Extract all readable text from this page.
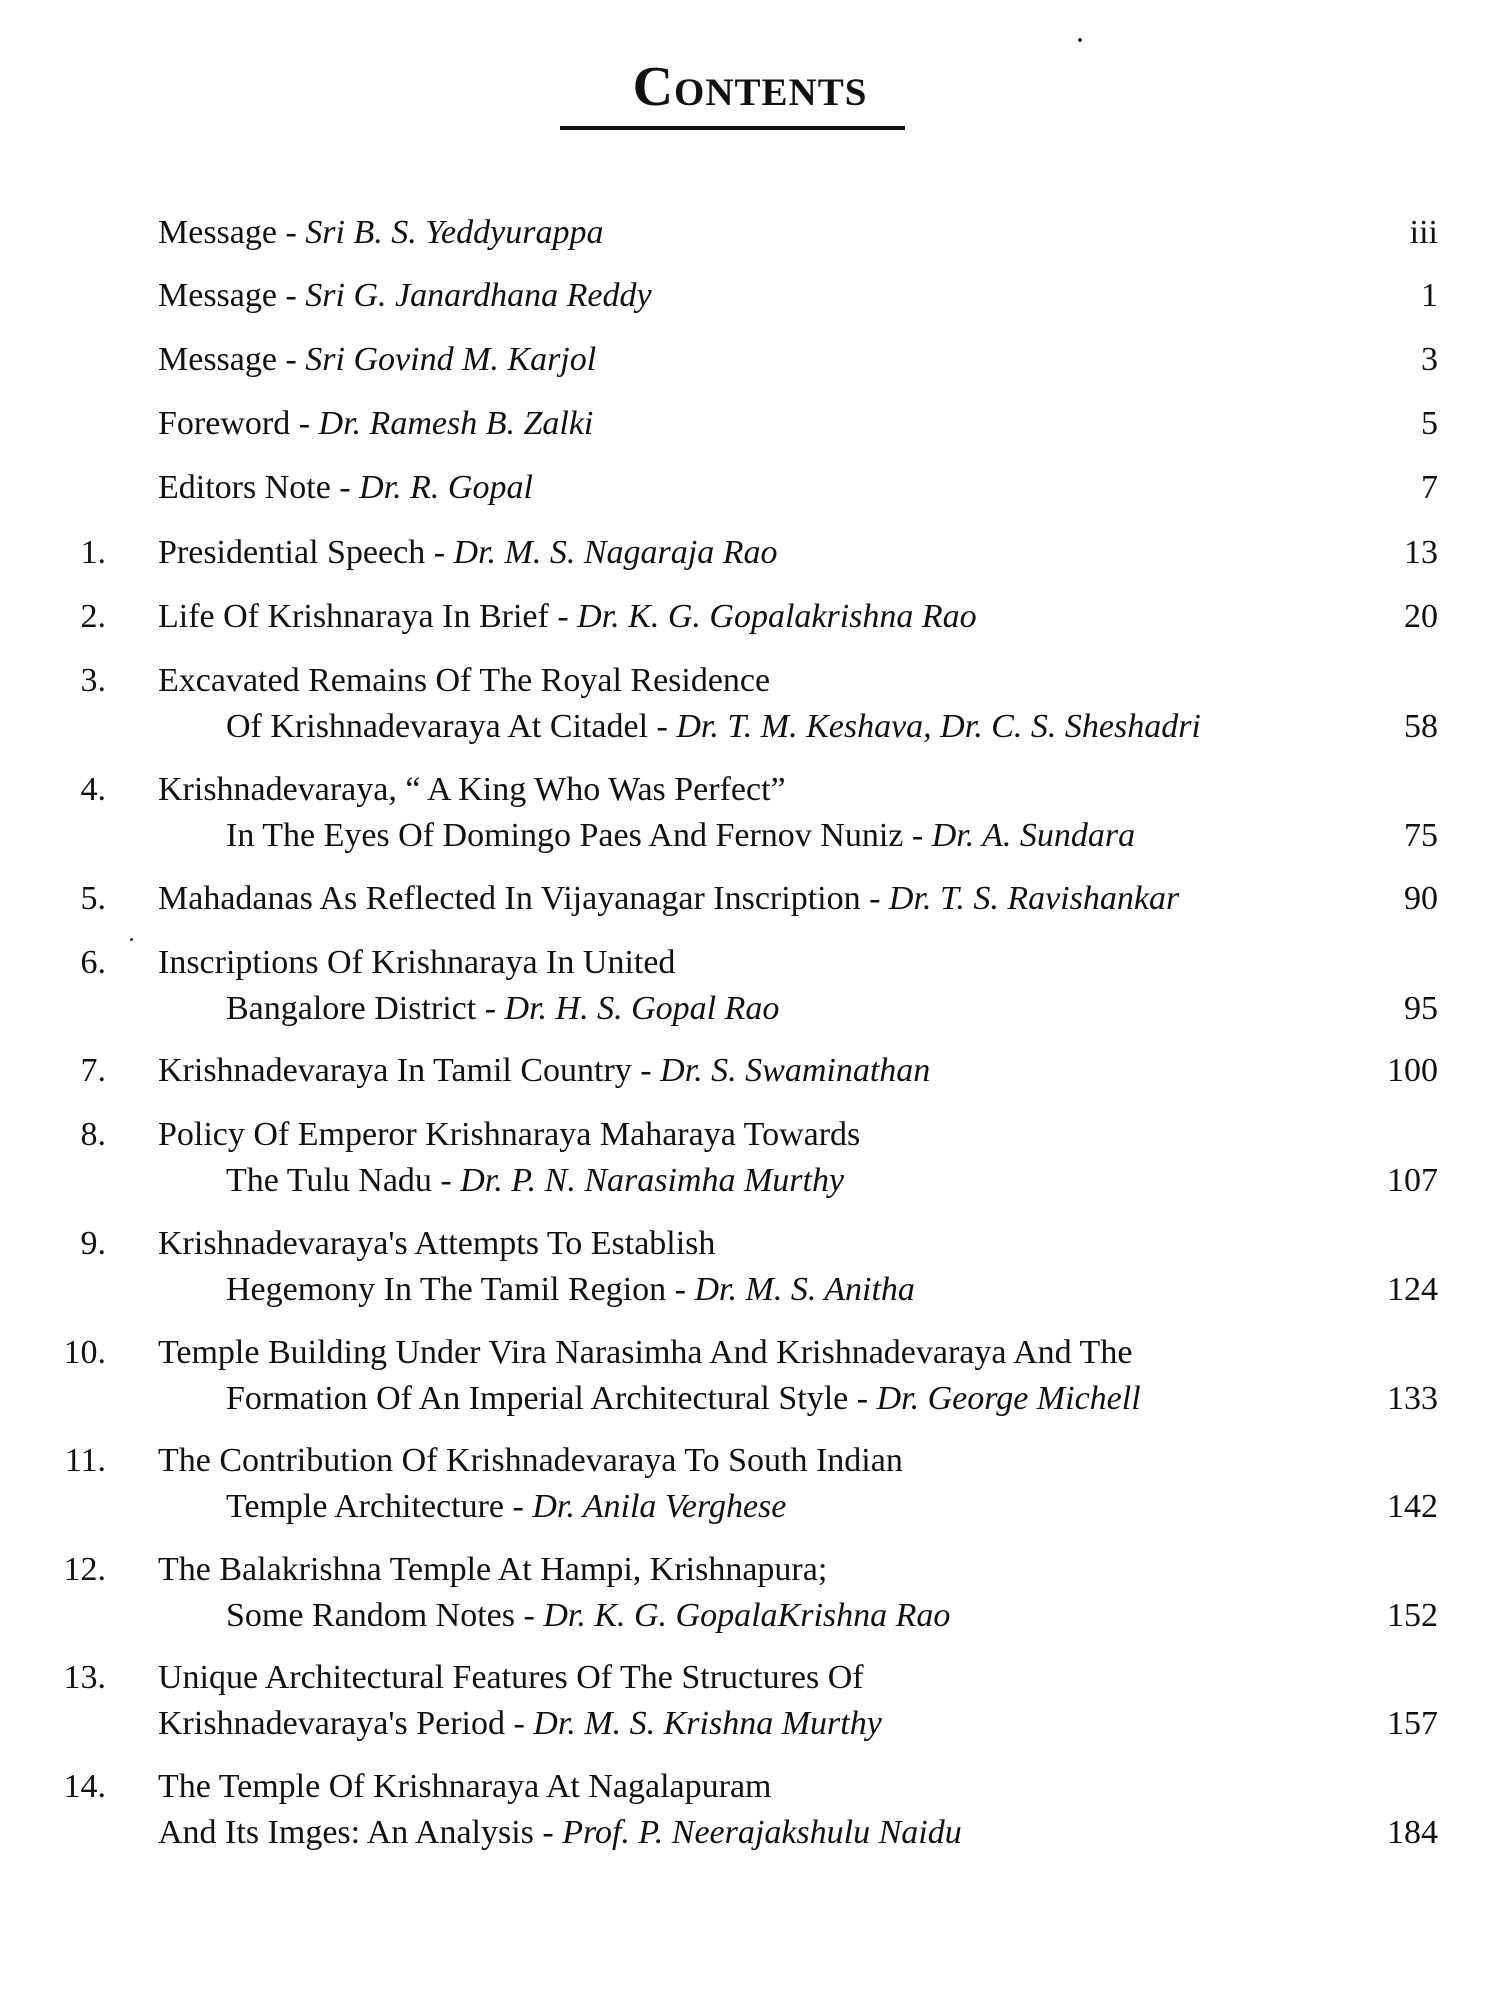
Contents
Message - Sri B. S. Yeddyurappa	iii
Message - Sri G. Janardhana Reddy	1
Message - Sri Govind M. Karjol	3
Foreword - Dr. Ramesh B. Zalki	5
Editors Note - Dr. R. Gopal	7
1. Presidential Speech - Dr. M. S. Nagaraja Rao	13
2. Life Of Krishnaraya In Brief - Dr. K. G. Gopalakrishna Rao	20
3. Excavated Remains Of The Royal Residence
Of Krishnadevaraya At Citadel - Dr. T. M. Keshava, Dr. C. S. Sheshadri	58
4. Krishnadevaraya, “ A King Who Was Perfect”
In The Eyes Of Domingo Paes And Fernov Nuniz - Dr. A. Sundara	75
5. Mahadanas As Reflected In Vijayanagar Inscription - Dr. T. S. Ravishankar	90
6. Inscriptions Of Krishnaraya In United
Bangalore District - Dr. H. S. Gopal Rao	95
7. Krishnadevaraya In Tamil Country - Dr. S. Swaminathan	100
8. Policy Of Emperor Krishnaraya Maharaya Towards
The Tulu Nadu - Dr. P. N. Narasimha Murthy	107
9. Krishnadevaraya's Attempts To Establish
Hegemony In The Tamil Region - Dr. M. S. Anitha	124
10. Temple Building Under Vira Narasimha And Krishnadevaraya And The
Formation Of An Imperial Architectural Style - Dr. George Michell	133
11. The Contribution Of Krishnadevaraya To South Indian
Temple Architecture - Dr. Anila Verghese	142
12. The Balakrishna Temple At Hampi, Krishnapura;
Some Random Notes - Dr. K. G. GopalaKrishna Rao	152
13. Unique Architectural Features Of The Structures Of
Krishnadevaraya's Period - Dr. M. S. Krishna Murthy	157
14. The Temple Of Krishnaraya At Nagalapuram
And Its Imges: An Analysis - Prof. P. Neerajakshulu Naidu	184
